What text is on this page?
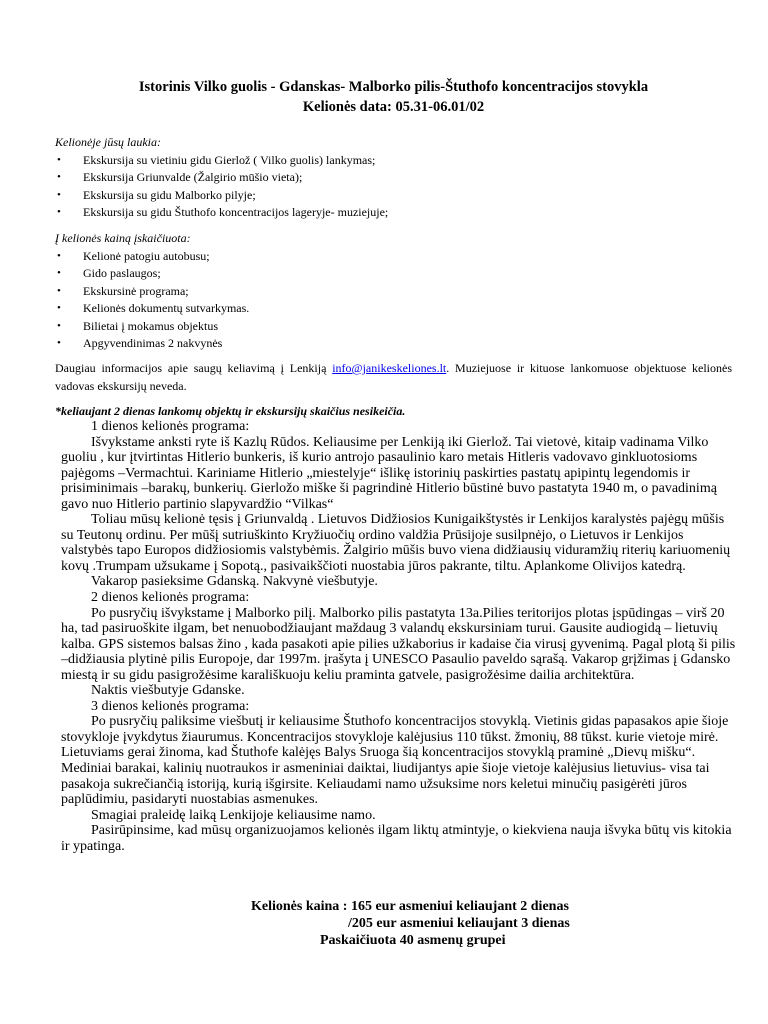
Istorinis Vilko guolis - Gdanskas- Malborko pilis-Štuthofo koncentracijos stovykla
Kelionės data: 05.31-06.01/02
Kelionėje jūsų laukia:
• Ekskursija su vietiniu gidu Gierlož ( Vilko guolis) lankymas;
• Ekskursija Griunvalde (Žalgirio mūšio vieta);
• Ekskursija su gidu Malborko pilyje;
• Ekskursija su gidu Štuthofo koncentracijos lageryje- muziejuje;
Į kelionės kainą įskaičiuota:
• Kelionė patogiu autobusu;
• Gido paslaugos;
• Ekskursinė programa;
• Kelionės dokumentų sutvarkymas.
• Bilietai į mokamus objektus
• Apgyvendinimas 2 nakvynės
Daugiau informacijos apie saugų keliavimą į Lenkiją info@janikeskeliones.lt. Muziejuose ir kituose lankomuose objektuose kelionės vadovas ekskursijų neveda.
*keliaujant 2 dienas lankomų objektų ir ekskursijų skaičius nesikeičia.

1 dienos kelionės programa:

Išvykstame anksti ryte iš Kazlų Rūdos. Keliausime per Lenkiją iki Gierlož. Tai vietovė, kitaip vadinama Vilko guoliu , kur įtvirtintas Hitlerio bunkeris, iš kurio antrojo pasaulinio karo metais Hitleris vadovavo ginkluotosioms pajėgoms –Vermachtui. Kariniame Hitlerio „miestelyje“ išlikę istorinių paskirties pastatų apipintų legendomis ir prisiminimais –barakų, bunkerių. Gierložo miške ši pagrindinė Hitlerio būstinė buvo pastatyta 1940 m, o pavadinimą gavo nuo Hitlerio partinio slapyvardžio “Vilkas“

Toliau mūsų kelionė tęsis į Griunvaldą . Lietuvos Didžiosios Kunigaikštystės ir Lenkijos karalystės pajėgų mūšis su Teutonų ordinu. Per mūšį sutriuškinto Kryžiuočių ordino valdžia Prūsijoje susilpnėjo, o Lietuvos ir Lenkijos valstybės tapo Europos didžiosiomis valstybėmis. Žalgirio mūšis buvo viena didžiausių viduramžių riterių kariuomenių kovų .Trumpam užsukame į Sopotą., pasivaikščioti nuostabia jūros pakrante, tiltu. Aplankome Olivijos katedrą.

Vakarop pasieksime Gdanską. Nakvynė viešbutyje.

2 dienos kelionės programa:

Po pusryčių išvykstame į Malborko pilį. Malborko pilis pastatyta 13a.Pilies teritorijos plotas įspūdingas – virš 20 ha, tad pasiruoškite ilgam, bet nenuobodžiaujant maždaug 3 valandų ekskursiniam turui. Gausite audiogidą – lietuvių kalba. GPS sistemos balsas žino , kada pasakoti apie pilies užkaborius ir kadaise čia virusį gyvenimą. Pagal plotą ši pilis –didžiausia plytinė pilis Europoje, dar 1997m. įrašyta į UNESCO Pasaulio paveldo sąrašą. Vakarop grįžimas į Gdansko miestą ir su gidu pasigrožėsime karališkuoju keliu praminta gatvele, pasigrožėsime dailia architektūra.

Naktis viešbutyje Gdanske.

3 dienos kelionės programa:

Po pusryčių paliksime viešbutį ir keliausime Štuthofo koncentracijos stovyklą. Vietinis gidas papasakos apie šioje stovykloje įvykdytus žiaurumus. Koncentracijos stovykloje kalėjusius 110 tūkst. žmonių, 88 tūkst. kurie vietoje mirė. Lietuviams gerai žinoma, kad Štuthofe kalėjęs Balys Sruoga šią koncentracijos stovyklą praminė „Dievų mišku“. Mediniai barakai, kalinių nuotraukos ir asmeniniai daiktai, liudijantys apie šioje vietoje kalėjusius lietuvius- visa tai pasakoja sukrečiančią istoriją, kurią išgirsite. Keliaudami namo užsuksime nors keletui minučių pasigėrėti jūros paplūdimiu, pasidaryti nuostabias asmenukes.

Smagiai praleidę laiką Lenkijoje keliausime namo.

Pasirūpinsime, kad mūsų organizuojamos kelionės ilgam liktų atmintyje, o kiekviena nauja išvyka būtų vis kitokia ir ypatinga.

Kelionės kaina : 165 eur asmeniui keliaujant 2 dienas
/205 eur asmeniui keliaujant 3 dienas
Paskaičiuota 40 asmenų grupei
